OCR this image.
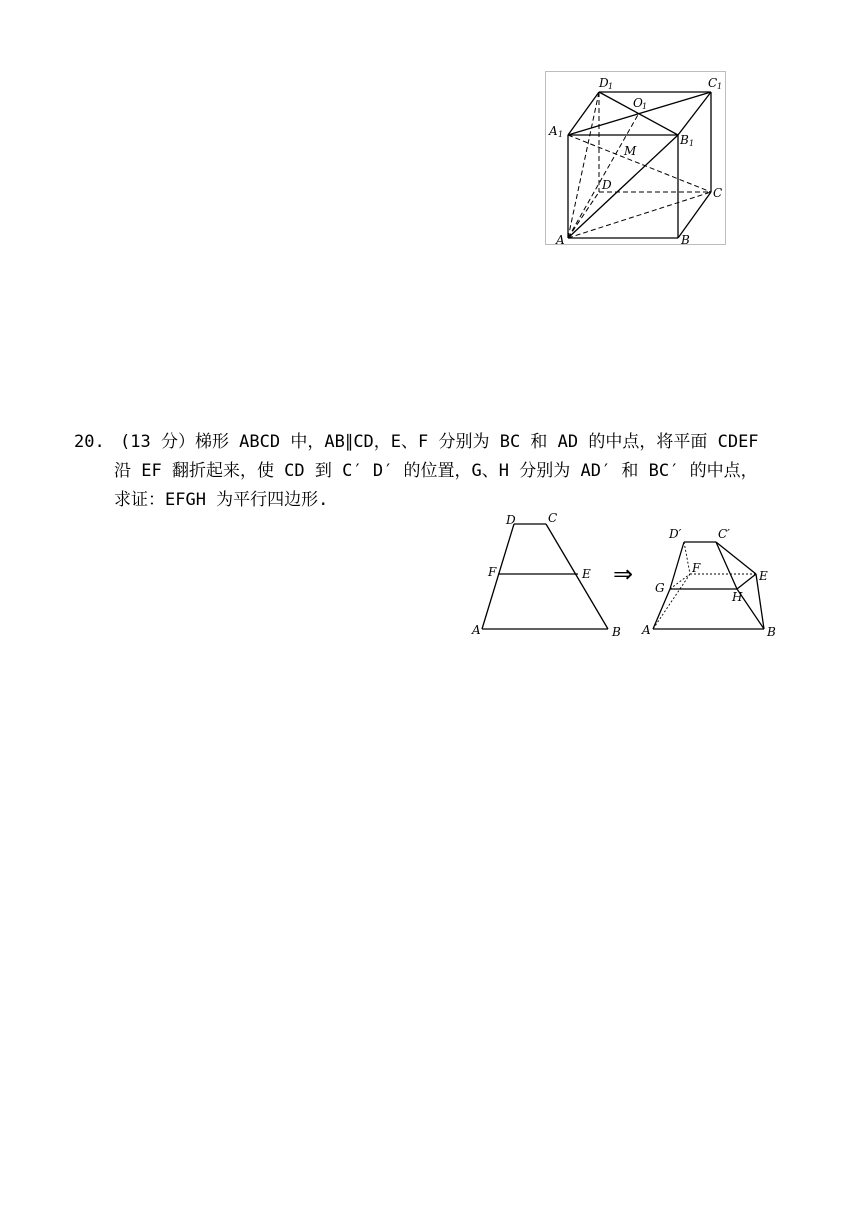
D 1	C 1
O 1
A 1	B 1
M
D
C
A	B
20. (13 分）梯形 ABCD 中，AB∥CD，E、F 分别为 BC 和 AD 的中点，将平面 CDEF
沿 EF 翻折起来，使 CD 到 C′ D′ 的位置，G、H 分别为 AD′ 和 BC′ 的中点，
求证：EFGH 为平行四边形.
D	C
F	E
A	B
⇒
D′	C′
F
E
G
H
A	B
